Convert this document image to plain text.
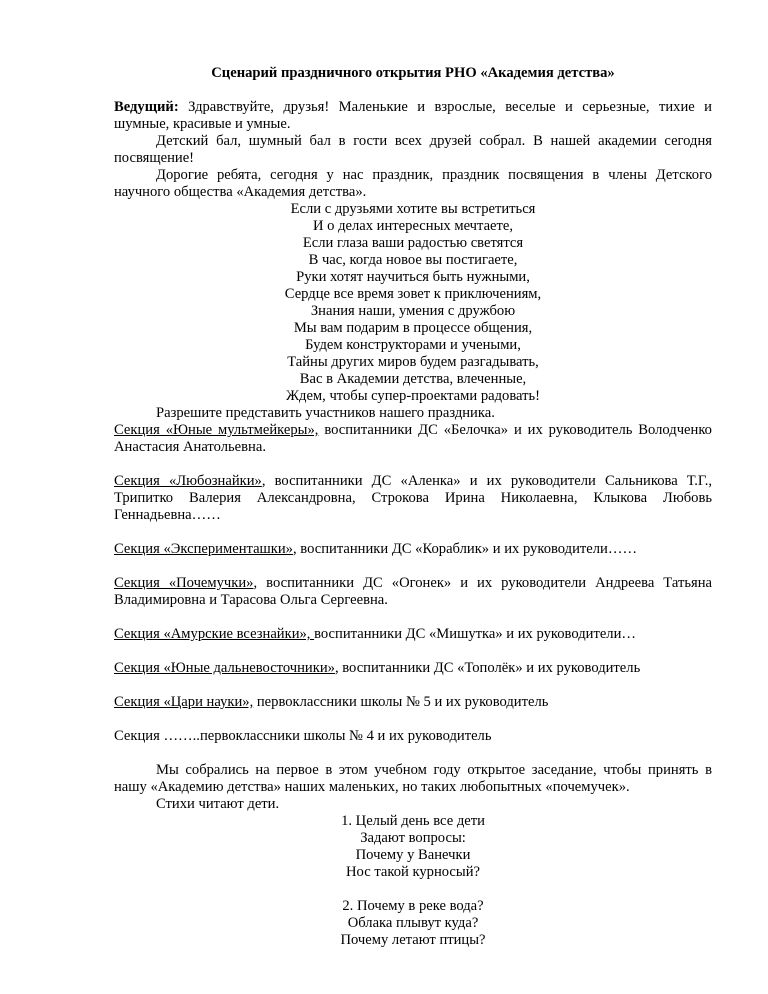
Сценарий праздничного открытия РНО «Академия детства»

Ведущий: Здравствуйте, друзья! Маленькие и взрослые, веселые и серьезные, тихие и шумные, красивые и умные.

Детский бал, шумный бал в гости всех друзей собрал. В нашей академии сегодня посвящение!

Дорогие ребята, сегодня у нас праздник, праздник посвящения в члены Детского научного общества «Академия детства».

Если с друзьями хотите вы встретиться
И о делах интересных мечтаете,
Если глаза ваши радостью светятся
В час, когда новое вы постигаете,
Руки хотят научиться быть нужными,
Сердце все время зовет к приключениям,
Знания наши, умения с дружбою
Мы вам подарим в процессе общения,
Будем конструкторами и учеными,
Тайны других миров будем разгадывать,
Вас в Академии детства, влеченные,
Ждем, чтобы супер-проектами радовать!

Разрешите представить участников нашего праздника.

Секция «Юные мультмейкеры», воспитанники ДС «Белочка» и их руководитель Володченко Анастасия Анатольевна.

Секция «Любознайки», воспитанники ДС «Аленка» и их руководители Сальникова Т.Г., Трипитко Валерия Александровна, Строкова Ирина Николаевна, Клыкова Любовь Геннадьевна……

Секция «Эксперименташки», воспитанники ДС «Кораблик» и их руководители……

Секция «Почемучки», воспитанники ДС «Огонек» и их руководители Андреева Татьяна Владимировна и Тарасова Ольга Сергеевна.

Секция «Амурские всезнайки», воспитанники ДС «Мишутка» и их руководители…

Секция «Юные дальневосточники», воспитанники ДС «Тополёк» и их руководитель

Секция «Цари науки», первоклассники школы № 5 и их руководитель

Секция ……..первоклассники школы № 4 и их руководитель

Мы собрались на первое в этом учебном году открытое заседание, чтобы принять в нашу «Академию детства» наших маленьких, но таких любопытных «почемучек».

Стихи читают дети.

1. Целый день все дети
Задают вопросы:
Почему у Ванечки
Нос такой курносый?
2. Почему в реке вода?
Облака плывут куда?
Почему летают птицы?
